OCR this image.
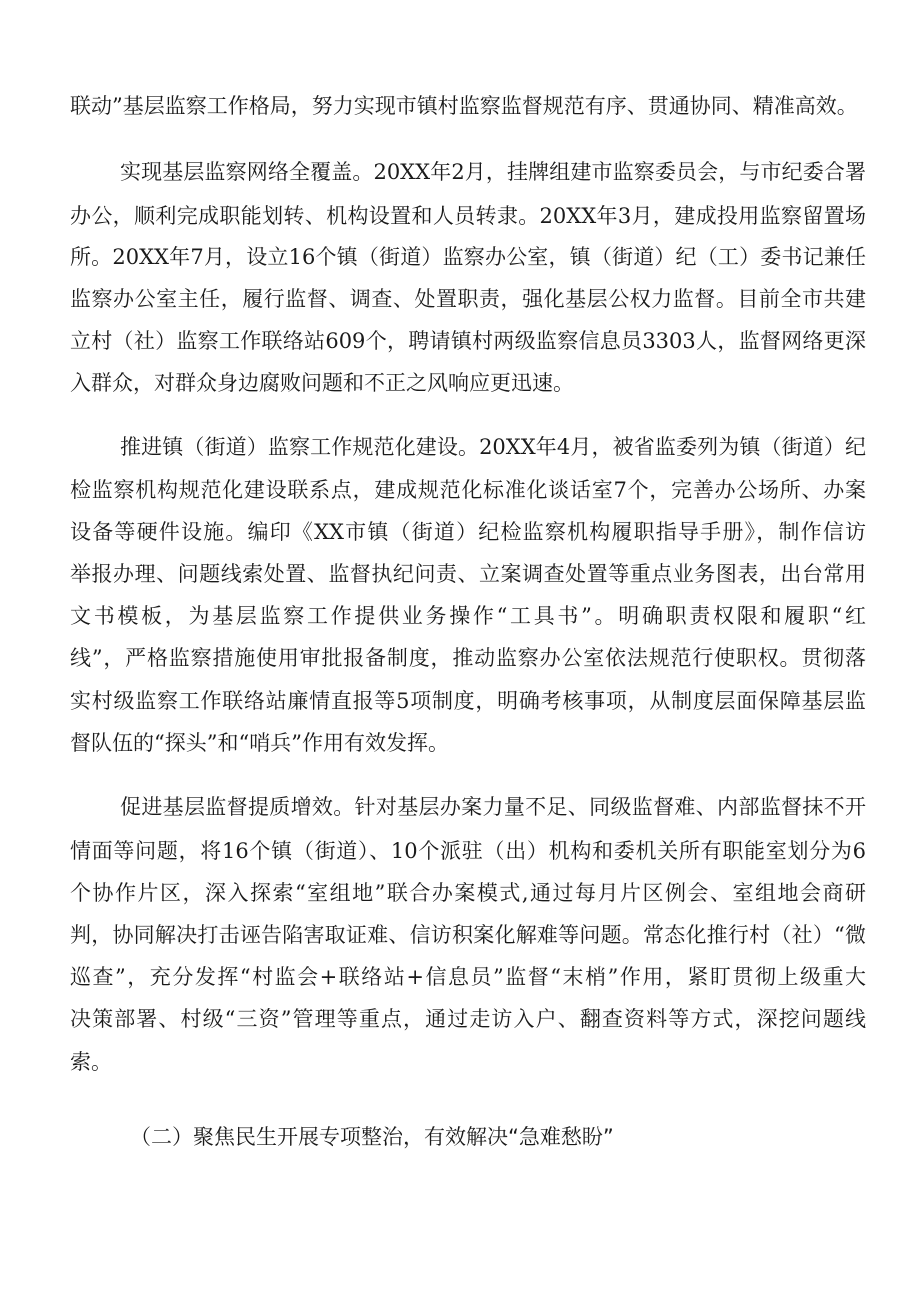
联动”基层监察工作格局，努力实现市镇村监察监督规范有序、贯通协同、精准高效。
实现基层监察网络全覆盖。20XX年2月，挂牌组建市监察委员会，与市纪委合署
办公，顺利完成职能划转、机构设置和人员转隶。20XX年3月，建成投用监察留置场
所。20XX年7月，设立16个镇（街道）监察办公室，镇（街道）纪（工）委书记兼任
监察办公室主任，履行监督、调查、处置职责，强化基层公权力监督。目前全市共建
立村（社）监察工作联络站609个，聘请镇村两级监察信息员3303人，监督网络更深
入群众，对群众身边腐败问题和不正之风响应更迅速。
推进镇（街道）监察工作规范化建设。20XX年4月，被省监委列为镇（街道）纪
检监察机构规范化建设联系点，建成规范化标准化谈话室7个，完善办公场所、办案
设备等硬件设施。编印《XX市镇（街道）纪检监察机构履职指导手册》，制作信访
举报办理、问题线索处置、监督执纪问责、立案调查处置等重点业务图表，出台常用
文书模板，为基层监察工作提供业务操作“工具书”。明确职责权限和履职“红
线”，严格监察措施使用审批报备制度，推动监察办公室依法规范行使职权。贯彻落
实村级监察工作联络站廉情直报等5项制度，明确考核事项，从制度层面保障基层监
督队伍的“探头”和“哨兵”作用有效发挥。
促进基层监督提质增效。针对基层办案力量不足、同级监督难、内部监督抹不开
情面等问题，将16个镇（街道）、10个派驻（出）机构和委机关所有职能室划分为6
个协作片区，深入探索“室组地”联合办案模式,通过每月片区例会、室组地会商研
判，协同解决打击诬告陷害取证难、信访积案化解难等问题。常态化推行村（社）“微
巡查”，充分发挥“村监会+联络站+信息员”监督“末梢”作用，紧盯贯彻上级重大
决策部署、村级“三资”管理等重点，通过走访入户、翻查资料等方式，深挖问题线
索。
（二）聚焦民生开展专项整治，有效解决“急难愁盼”
